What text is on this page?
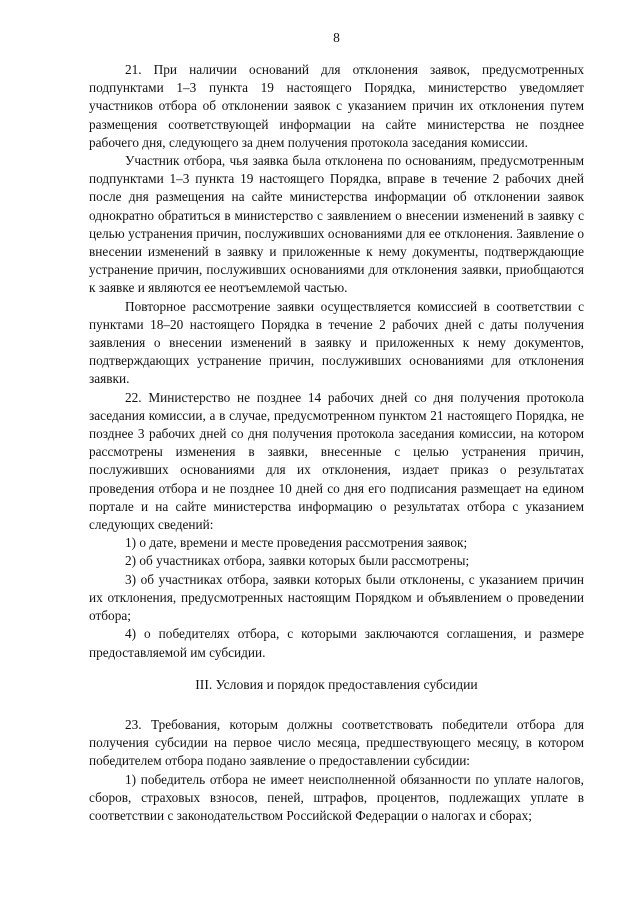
8

21. При наличии оснований для отклонения заявок, предусмотренных подпунктами 1–3 пункта 19 настоящего Порядка, министерство уведомляет участников отбора об отклонении заявок с указанием причин их отклонения путем размещения соответствующей информации на сайте министерства не позднее рабочего дня, следующего за днем получения протокола заседания комиссии.

Участник отбора, чья заявка была отклонена по основаниям, предусмотренным подпунктами 1–3 пункта 19 настоящего Порядка, вправе в течение 2 рабочих дней после дня размещения на сайте министерства информации об отклонении заявок однократно обратиться в министерство с заявлением о внесении изменений в заявку с целью устранения причин, послуживших основаниями для ее отклонения. Заявление о внесении изменений в заявку и приложенные к нему документы, подтверждающие устранение причин, послуживших основаниями для отклонения заявки, приобщаются к заявке и являются ее неотъемлемой частью.

Повторное рассмотрение заявки осуществляется комиссией в соответствии с пунктами 18–20 настоящего Порядка в течение 2 рабочих дней с даты получения заявления о внесении изменений в заявку и приложенных к нему документов, подтверждающих устранение причин, послуживших основаниями для отклонения заявки.

22. Министерство не позднее 14 рабочих дней со дня получения протокола заседания комиссии, а в случае, предусмотренном пунктом 21 настоящего Порядка, не позднее 3 рабочих дней со дня получения протокола заседания комиссии, на котором рассмотрены изменения в заявки, внесенные с целью устранения причин, послуживших основаниями для их отклонения, издает приказ о результатах проведения отбора и не позднее 10 дней со дня его подписания размещает на едином портале и на сайте министерства информацию о результатах отбора с указанием следующих сведений:

1) о дате, времени и месте проведения рассмотрения заявок;

2) об участниках отбора, заявки которых были рассмотрены;

3) об участниках отбора, заявки которых были отклонены, с указанием причин их отклонения, предусмотренных настоящим Порядком и объявлением о проведении отбора;

4) о победителях отбора, с которыми заключаются соглашения, и размере предоставляемой им субсидии.

III. Условия и порядок предоставления субсидии

23. Требования, которым должны соответствовать победители отбора для получения субсидии на первое число месяца, предшествующего месяцу, в котором победителем отбора подано заявление о предоставлении субсидии:

1) победитель отбора не имеет неисполненной обязанности по уплате налогов, сборов, страховых взносов, пеней, штрафов, процентов, подлежащих уплате в соответствии с законодательством Российской Федерации о налогах и сборах;
